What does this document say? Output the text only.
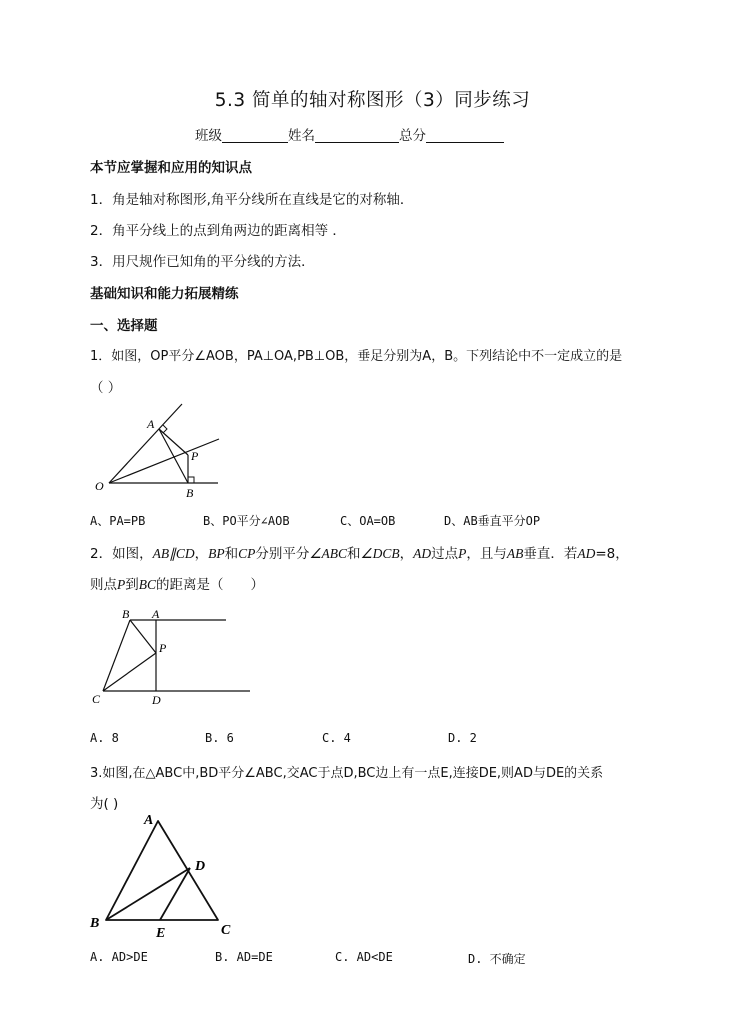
5.3 简单的轴对称图形（3）同步练习
班级	姓名	总分
本节应掌握和应用的知识点
1．角是轴对称图形,角平分线所在直线是它的对称轴．
2．角平分线上的点到角两边的距离相等 ．
3．用尺规作已知角的平分线的方法．
基础知识和能力拓展精练
一、选择题
1．如图，OP平分∠AOB，PA⊥OA,PB⊥OB，垂足分别为A，B。下列结论中不一定成立的是
（ ）
A
P
O	B
A、PA=PB	B、PO平分∠AOB	C、OA=OB	D、AB垂直平分OP
2．如图，AB∥CD，BP和CP分别平分∠ABC和∠DCB，AD过点P，且与AB垂直．若AD=8，
则点P到BC的距离是（　　）
B A
P
C	D
A. 8	B. 6	C. 4	D. 2
3.如图,在△ABC中,BD平分∠ABC,交AC于点D,BC边上有一点E,连接DE,则AD与DE的关系
为( )
A
D
B
E	C
A. AD>DE	B. AD=DE	C. AD<DE	D. 不确定
